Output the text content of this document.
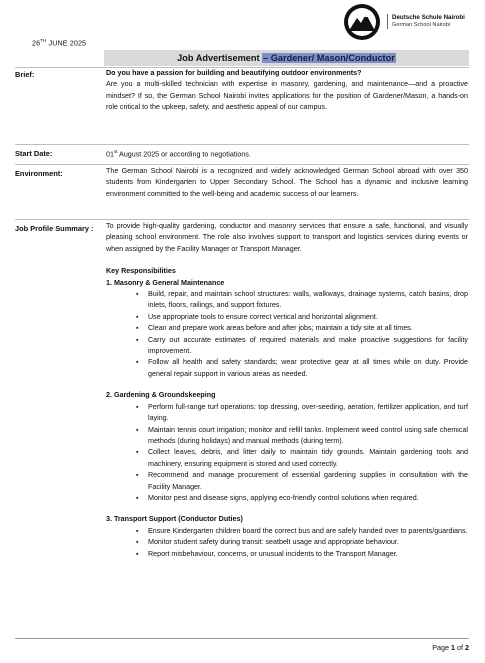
Deutsche Schule Nairobi
German School Nairobi
26TH JUNE 2025
Job Advertisement – Gardener/ Mason/Conductor
Brief:	Do you have a passion for building and beautifying outdoor environments?
Are you a multi-skilled technician with expertise in masonry, gardening, and maintenance—and a proactive mindset? If so, the German School Nairobi invites applications for the position of Gardener/Mason, a hands-on role critical to the upkeep, safety, and aesthetic appeal of our campus.
Start Date:	01st August 2025 or according to negotiations.
Environment:	The German School Nairobi is a recognized and widely acknowledged German School abroad with over 350 students from Kindergarten to Upper Secondary School. The School has a dynamic and inclusive learning environment committed to the well-being and academic success of our learners.
Job Profile Summary : To provide high-quality gardening, conductor and masonry services that ensure a safe, functional, and visually pleasing school environment. The role also involves support to transport and logistics services during events or when assigned by the Facility Manager or Transport Manager.
Key Responsibilities
1. Masonry & General Maintenance
▪ Build, repair, and maintain school structures: walls, walkways, drainage systems, catch basins, drop inlets, floors, railings, and support fixtures.
▪ Use appropriate tools to ensure correct vertical and horizontal alignment.
▪ Clean and prepare work areas before and after jobs; maintain a tidy site at all times.
▪ Carry out accurate estimates of required materials and make proactive suggestions for facility improvement.
▪ Follow all health and safety standards; wear protective gear at all times while on duty. Provide general repair support in various areas as needed.
2. Gardening & Groundskeeping
▪ Perform full-range turf operations: top dressing, over-seeding, aeration, fertilizer application, and turf laying.
▪ Maintain tennis court irrigation; monitor and refill tanks. Implement weed control using safe chemical methods (during holidays) and manual methods (during term).
▪ Collect leaves, debris, and litter daily to maintain tidy grounds. Maintain gardening tools and machinery, ensuring equipment is stored and used correctly.
▪ Recommend and manage procurement of essential gardening supplies in consultation with the Facility Manager.
▪ Monitor pest and disease signs, applying eco-friendly control solutions when required.
3. Transport Support (Conductor Duties)
▪ Ensure Kindergarten children board the correct bus and are safely handed over to parents/guardians.
▪ Monitor student safety during transit: seatbelt usage and appropriate behaviour.
▪ Report misbehaviour, concerns, or unusual incidents to the Transport Manager.
Page 1 of 2
